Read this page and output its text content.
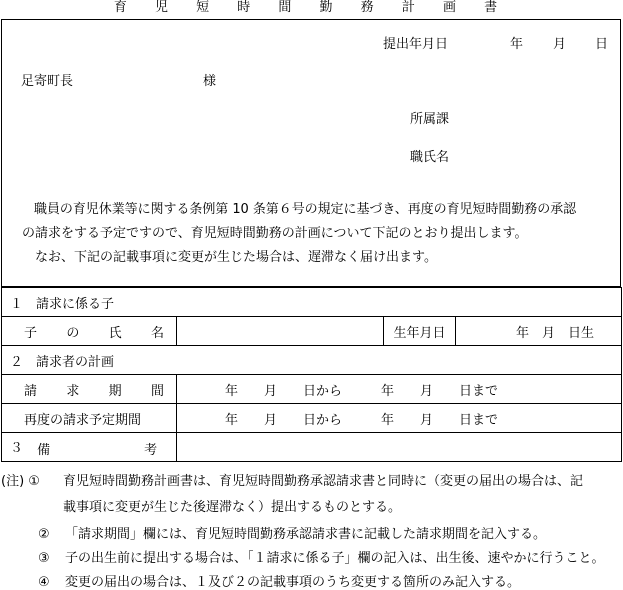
育 児 短 時 間 勤 務 計 画 書
提出年月日	年 月 日
足寄町長	様
所属課
職氏名
職員の育児休業等に関する条例第 10 条第６号の規定に基づき、再度の育児短時間勤務の承認
の請求をする予定ですので、育児短時間勤務の計画について下記のとおり提出します。
なお、下記の記載事項に変更が生じた場合は、遅滞なく届け出ます。
１　請求に係る子			
子　の　氏　名		生年月日	年　月　日生
２　請求者の計画			
請　求　期　間	年　　月　　日から　　　年　　月　　日まで		
再度の請求予定期間	年　　月　　日から　　　年　　月　　日まで		
３ 備　　　　　　考			
(注) ① 育児短時間勤務計画書は、育児短時間勤務承認請求書と同時に（変更の届出の場合は、記
載事項に変更が生じた後遅滞なく）提出するものとする。
② 「請求期間」欄には、育児短時間勤務承認請求書に記載した請求期間を記入する。
③ 子の出生前に提出する場合は、「１請求に係る子」欄の記入は、出生後、速やかに行うこと。
④ 変更の届出の場合は、１及び２の記載事項のうち変更する箇所のみ記入する。
